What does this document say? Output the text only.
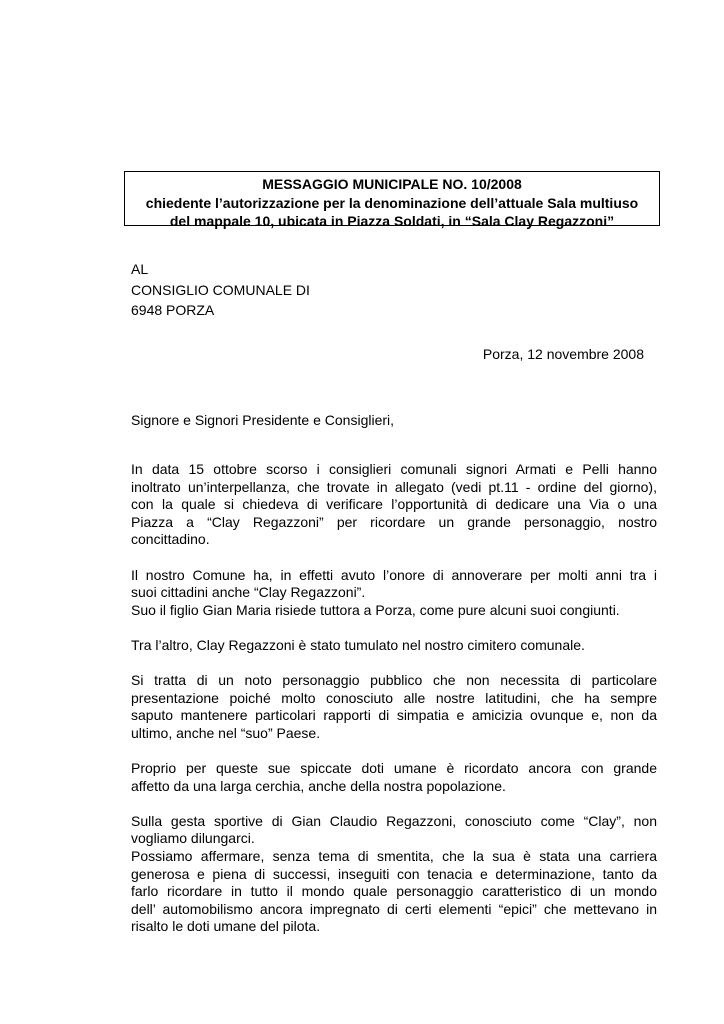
MESSAGGIO MUNICIPALE NO. 10/2008
chiedente l’autorizzazione per la denominazione dell’attuale Sala multiuso
del mappale 10, ubicata in Piazza Soldati, in “Sala Clay Regazzoni”
AL
CONSIGLIO COMUNALE DI
6948 PORZA
Porza, 12 novembre 2008
Signore e Signori Presidente e Consiglieri,
In data 15 ottobre scorso i consiglieri comunali signori Armati e Pelli hanno
inoltrato un’interpellanza, che trovate in allegato (vedi pt.11 - ordine del giorno),
con la quale si chiedeva di verificare l’opportunità di dedicare una Via o una
Piazza a “Clay Regazzoni” per ricordare un grande personaggio, nostro
concittadino.
Il nostro Comune ha, in effetti avuto l’onore di annoverare per molti anni tra i
suoi cittadini anche “Clay Regazzoni”.
Suo il figlio Gian Maria risiede tuttora a Porza, come pure alcuni suoi congiunti.
Tra l’altro, Clay Regazzoni è stato tumulato nel nostro cimitero comunale.
Si tratta di un noto personaggio pubblico che non necessita di particolare
presentazione poiché molto conosciuto alle nostre latitudini, che ha sempre
saputo mantenere particolari rapporti di simpatia e amicizia ovunque e, non da
ultimo, anche nel “suo” Paese.
Proprio per queste sue spiccate doti umane è ricordato ancora con grande
affetto da una larga cerchia, anche della nostra popolazione.
Sulla gesta sportive di Gian Claudio Regazzoni, conosciuto come “Clay”, non
vogliamo dilungarci.
Possiamo affermare, senza tema di smentita, che la sua è stata una carriera
generosa e piena di successi, inseguiti con tenacia e determinazione, tanto da
farlo ricordare in tutto il mondo quale personaggio caratteristico di un mondo
dell’ automobilismo ancora impregnato di certi elementi “epici” che mettevano in
risalto le doti umane del pilota.
